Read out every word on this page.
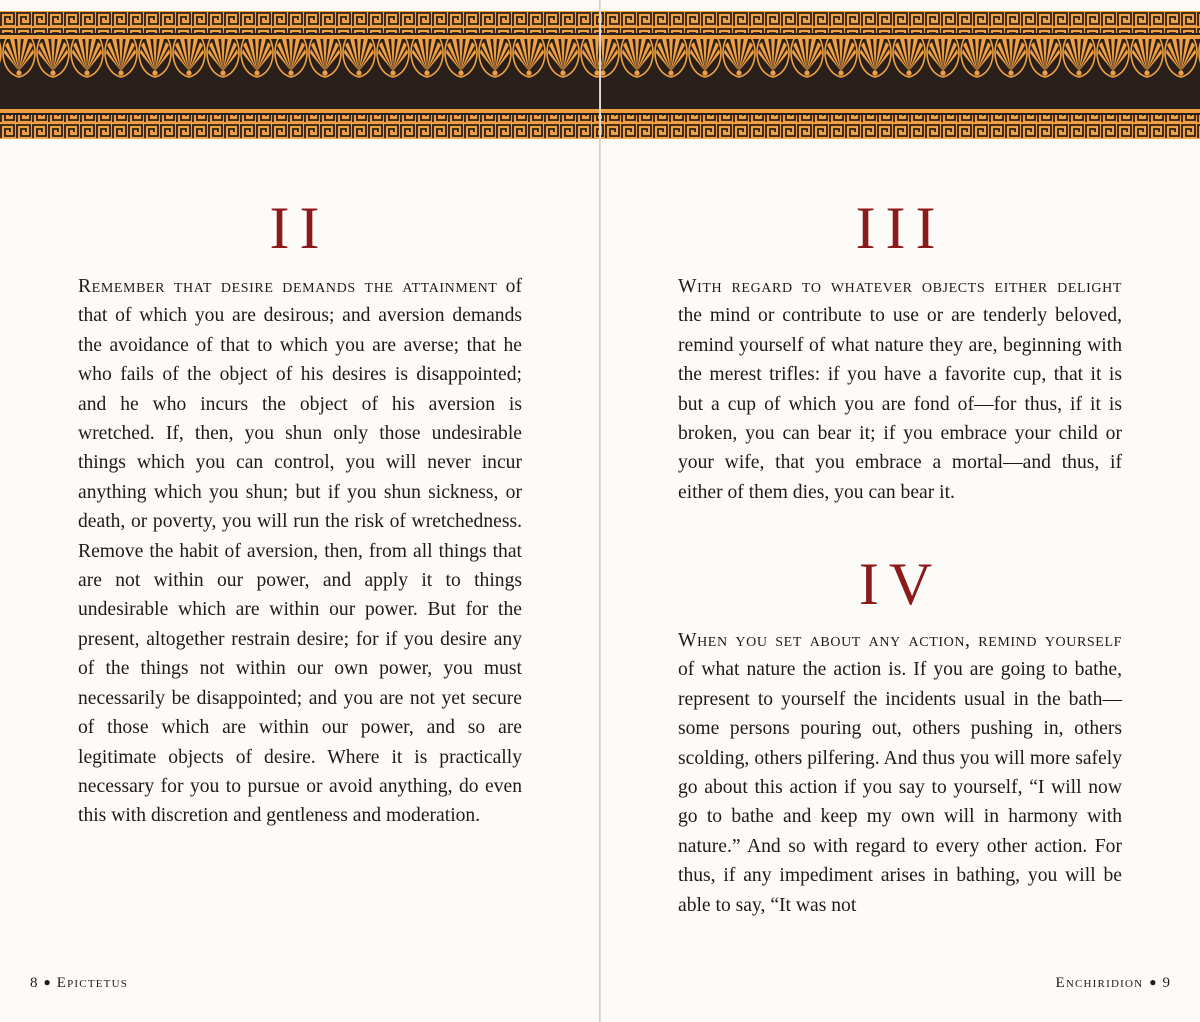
II

Remember that desire demands the attainment of that of which you are desirous; and aversion demands the avoidance of that to which you are averse; that he who fails of the object of his desires is disappointed; and he who incurs the object of his aversion is wretched. If, then, you shun only those undesirable things which you can control, you will never incur anything which you shun; but if you shun sickness, or death, or poverty, you will run the risk of wretchedness. Remove the habit of aversion, then, from all things that are not within our power, and apply it to things undesirable which are within our power. But for the present, altogether restrain desire; for if you desire any of the things not within our own power, you must necessarily be disappointed; and you are not yet secure of those which are within our power, and so are legitimate objects of desire. Where it is practically necessary for you to pursue or avoid anything, do even this with discretion and gentleness and moderation.

8 ● Epictetus
III

With regard to whatever objects either delight the mind or contribute to use or are tenderly beloved, remind yourself of what nature they are, beginning with the merest trifles: if you have a favorite cup, that it is but a cup of which you are fond of—for thus, if it is broken, you can bear it; if you embrace your child or your wife, that you embrace a mortal—and thus, if either of them dies, you can bear it.

IV

When you set about any action, remind yourself of what nature the action is. If you are going to bathe, represent to yourself the incidents usual in the bath—some persons pouring out, others pushing in, others scolding, others pilfering. And thus you will more safely go about this action if you say to yourself, “I will now go to bathe and keep my own will in harmony with nature.” And so with regard to every other action. For thus, if any impediment arises in bathing, you will be able to say, “It was not

Enchiridion ● 9
